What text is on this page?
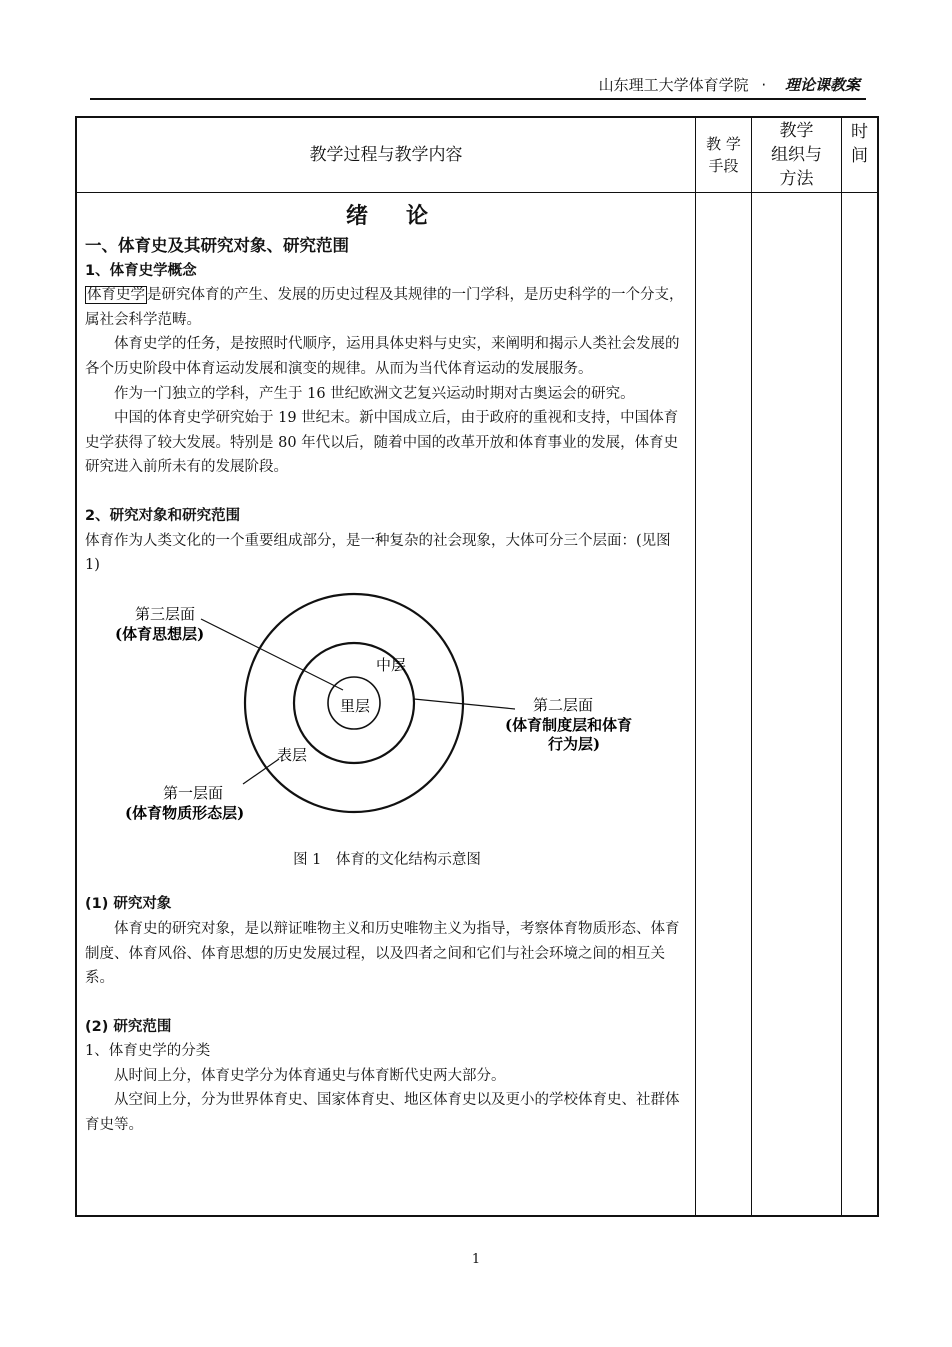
山东理工大学体育学院 · 理论课教案
教学过程与教学内容
教 学
手段
教学
组织与
方法
时
间

绪论

一、体育史及其研究对象、研究范围

1、体育史学概念

体育史学 是研究体育的产生、发展的历史过程及其规律的一门学科，是历史科学的一个分支，属社会科学范畴。

体育史学的任务，是按照时代顺序，运用具体史料与史实，来阐明和揭示人类社会发展的各个历史阶段中体育运动发展和演变的规律。从而为当代体育运动的发展服务。

作为一门独立的学科，产生于 16 世纪欧洲文艺复兴运动时期对古奥运会的研究。

中国的体育史学研究始于 19 世纪末。新中国成立后，由于政府的重视和支持，中国体育史学获得了较大发展。特别是 80 年代以后，随着中国的改革开放和体育事业的发展，体育史研究进入前所未有的发展阶段。

2、研究对象和研究范围

体育作为人类文化的一个重要组成部分，是一种复杂的社会现象，大体可分三个层面：(见图 1)

第三层面
(体育思想层)
里层
中层
表层
第二层面
(体育制度层和体育
行为层)
第一层面
(体育物质形态层)

图 1　体育的文化结构示意图

(1) 研究对象

体育史的研究对象，是以辩证唯物主义和历史唯物主义为指导，考察体育物质形态、体育制度、体育风俗、体育思想的历史发展过程，以及四者之间和它们与社会环境之间的相互关系。

(2) 研究范围

1、体育史学的分类

从时间上分，体育史学分为体育通史与体育断代史两大部分。

从空间上分，分为世界体育史、国家体育史、地区体育史以及更小的学校体育史、社群体育史等。

1
